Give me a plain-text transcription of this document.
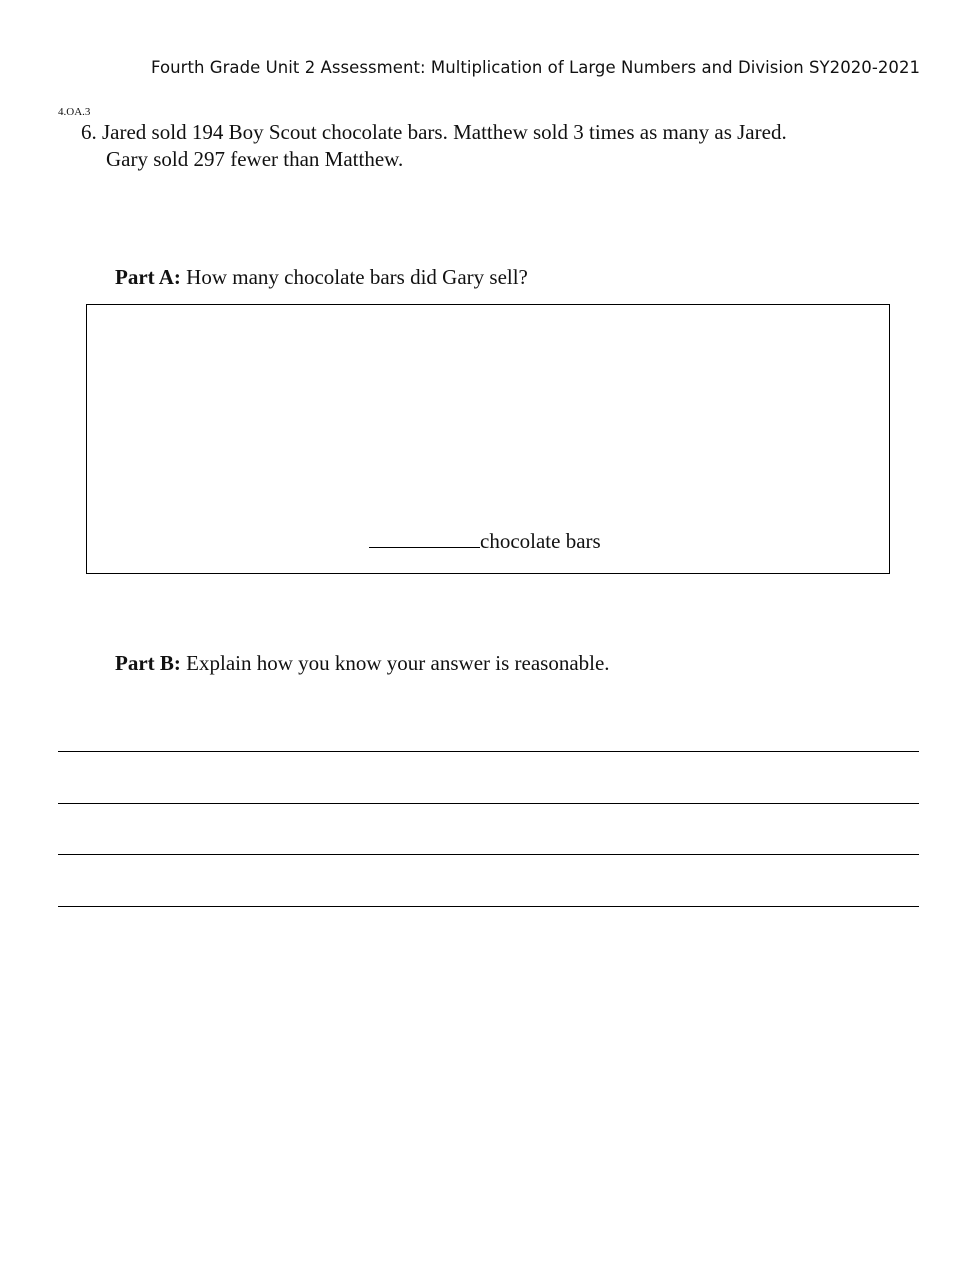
Fourth Grade Unit 2 Assessment: Multiplication of Large Numbers and Division SY2020-2021
4.OA.3
6. Jared sold 194 Boy Scout chocolate bars. Matthew sold 3 times as many as Jared.
Gary sold 297 fewer than Matthew.
Part A: How many chocolate bars did Gary sell?
chocolate bars
Part B: Explain how you know your answer is reasonable.
